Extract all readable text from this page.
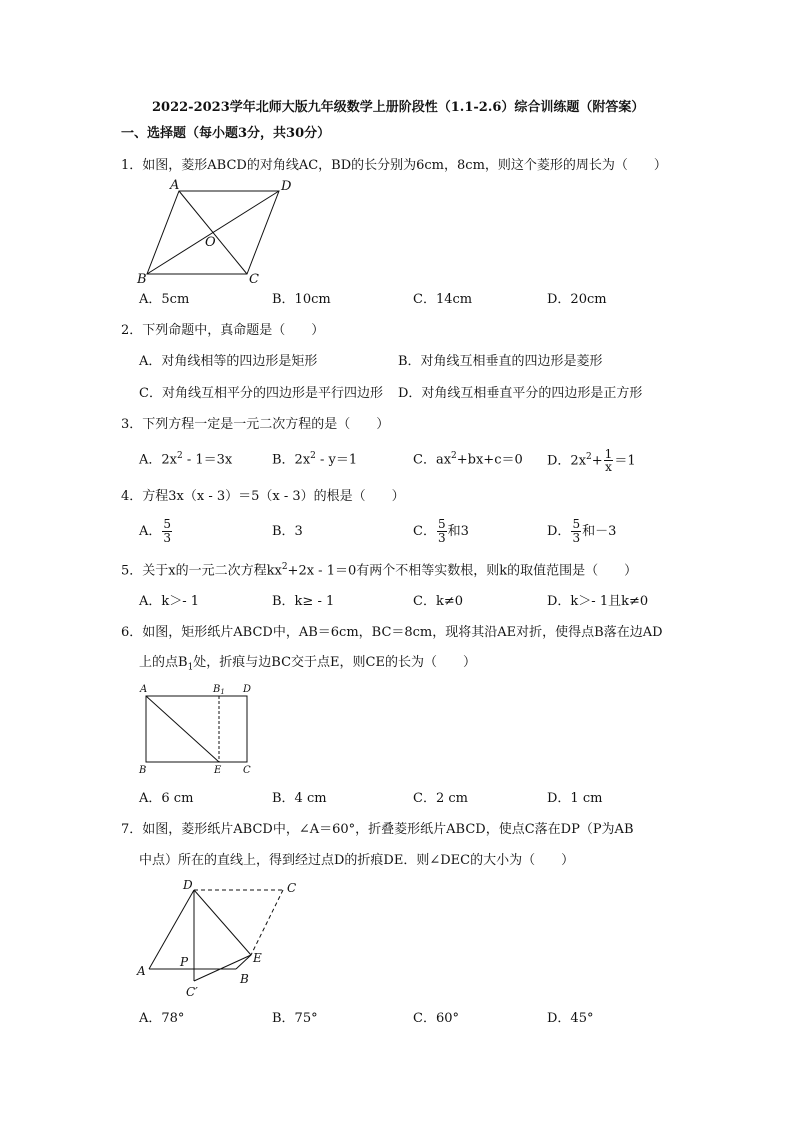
2022-2023学年北师大版九年级数学上册阶段性（1.1-2.6）综合训练题（附答案）
一、选择题（每小题3分，共30分）
1．如图，菱形ABCD的对角线AC，BD的长分别为6cm，8cm，则这个菱形的周长为（　　）
A	D
B	C
O
A．5cm	B．10cm	C．14cm	D．20cm
2．下列命题中，真命题是（　　）
A．对角线相等的四边形是矩形	B．对角线互相垂直的四边形是菱形
C．对角线互相平分的四边形是平行四边形 D．对角线互相垂直平分的四边形是正方形
3．下列方程一定是一元二次方程的是（　　）
A．$2x^2 - 1=3x$	B．$2x^2 - y=1$	C．$ax^2+bx+c=0$ D．$2x^2+ \frac{1}{x} =1$
4．方程3x（x - 3）＝5（x - 3）的根是（　　）
A． $\frac{5}{3}$	B．3	C． $\frac{5}{3}$ 和3	D． $\frac{5}{3}$ 和－3
5．关于x的一元二次方程$kx^2+2x - 1=0$有两个不相等实数根，则k的取值范围是（　　）
A．k＞- 1	B．k≥ - 1	C．k≠0	D．k＞- 1且k≠0
6．如图，矩形纸片ABCD中，AB＝6cm，BC＝8cm，现将其沿AE对折，使得点B落在边AD
上的点$B_1$处，折痕与边BC交于点E，则CE的长为（　　）
A	$B_1$ D
B	E C
A．6 cm	B．4 cm	C．2 cm	D．1 cm
7．如图，菱形纸片ABCD中，∠A＝60°，折叠菱形纸片ABCD，使点C落在DP（P为AB
中点）所在的直线上，得到经过点D的折痕DE．则∠DEC的大小为（　　）
D	C
A
P	E
C′
B
A．78°	B．75°	C．60°	D．45°
